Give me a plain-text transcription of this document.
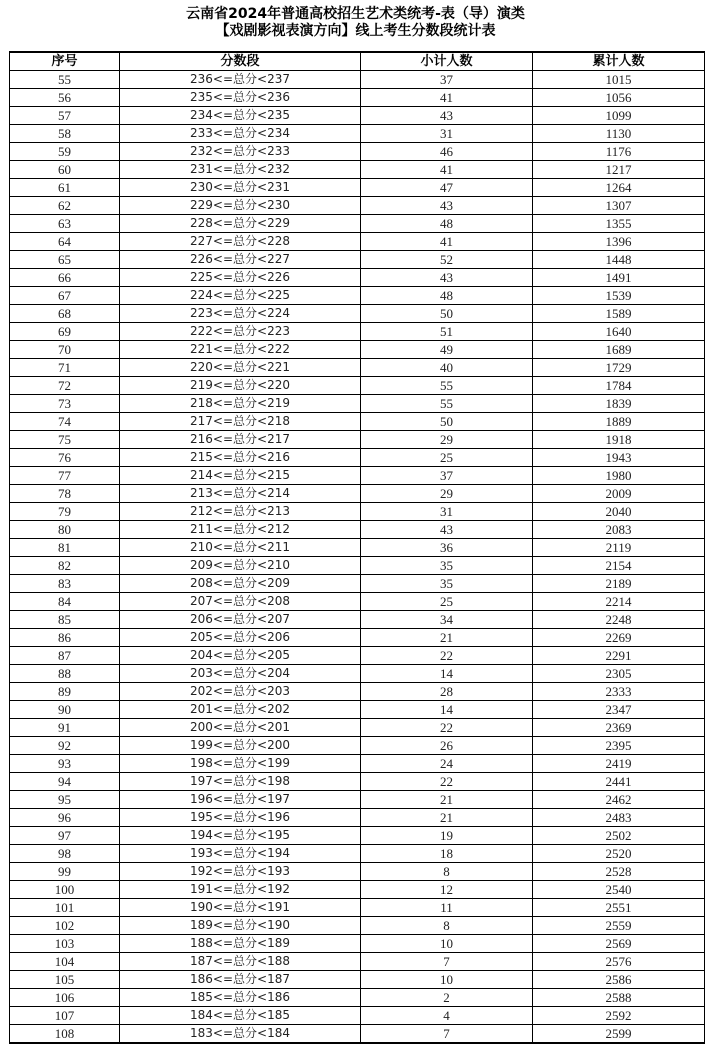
云南省2024年普通高校招生艺术类统考-表（导）演类
【戏剧影视表演方向】线上考生分数段统计表
序号	分数段	小计人数	累计人数
55	236<=总分<237	37	1015
56	235<=总分<236	41	1056
57	234<=总分<235	43	1099
58	233<=总分<234	31	1130
59	232<=总分<233	46	1176
60	231<=总分<232	41	1217
61	230<=总分<231	47	1264
62	229<=总分<230	43	1307
63	228<=总分<229	48	1355
64	227<=总分<228	41	1396
65	226<=总分<227	52	1448
66	225<=总分<226	43	1491
67	224<=总分<225	48	1539
68	223<=总分<224	50	1589
69	222<=总分<223	51	1640
70	221<=总分<222	49	1689
71	220<=总分<221	40	1729
72	219<=总分<220	55	1784
73	218<=总分<219	55	1839
74	217<=总分<218	50	1889
75	216<=总分<217	29	1918
76	215<=总分<216	25	1943
77	214<=总分<215	37	1980
78	213<=总分<214	29	2009
79	212<=总分<213	31	2040
80	211<=总分<212	43	2083
81	210<=总分<211	36	2119
82	209<=总分<210	35	2154
83	208<=总分<209	35	2189
84	207<=总分<208	25	2214
85	206<=总分<207	34	2248
86	205<=总分<206	21	2269
87	204<=总分<205	22	2291
88	203<=总分<204	14	2305
89	202<=总分<203	28	2333
90	201<=总分<202	14	2347
91	200<=总分<201	22	2369
92	199<=总分<200	26	2395
93	198<=总分<199	24	2419
94	197<=总分<198	22	2441
95	196<=总分<197	21	2462
96	195<=总分<196	21	2483
97	194<=总分<195	19	2502
98	193<=总分<194	18	2520
99	192<=总分<193	8	2528
100	191<=总分<192	12	2540
101	190<=总分<191	11	2551
102	189<=总分<190	8	2559
103	188<=总分<189	10	2569
104	187<=总分<188	7	2576
105	186<=总分<187	10	2586
106	185<=总分<186	2	2588
107	184<=总分<185	4	2592
108	183<=总分<184	7	2599
